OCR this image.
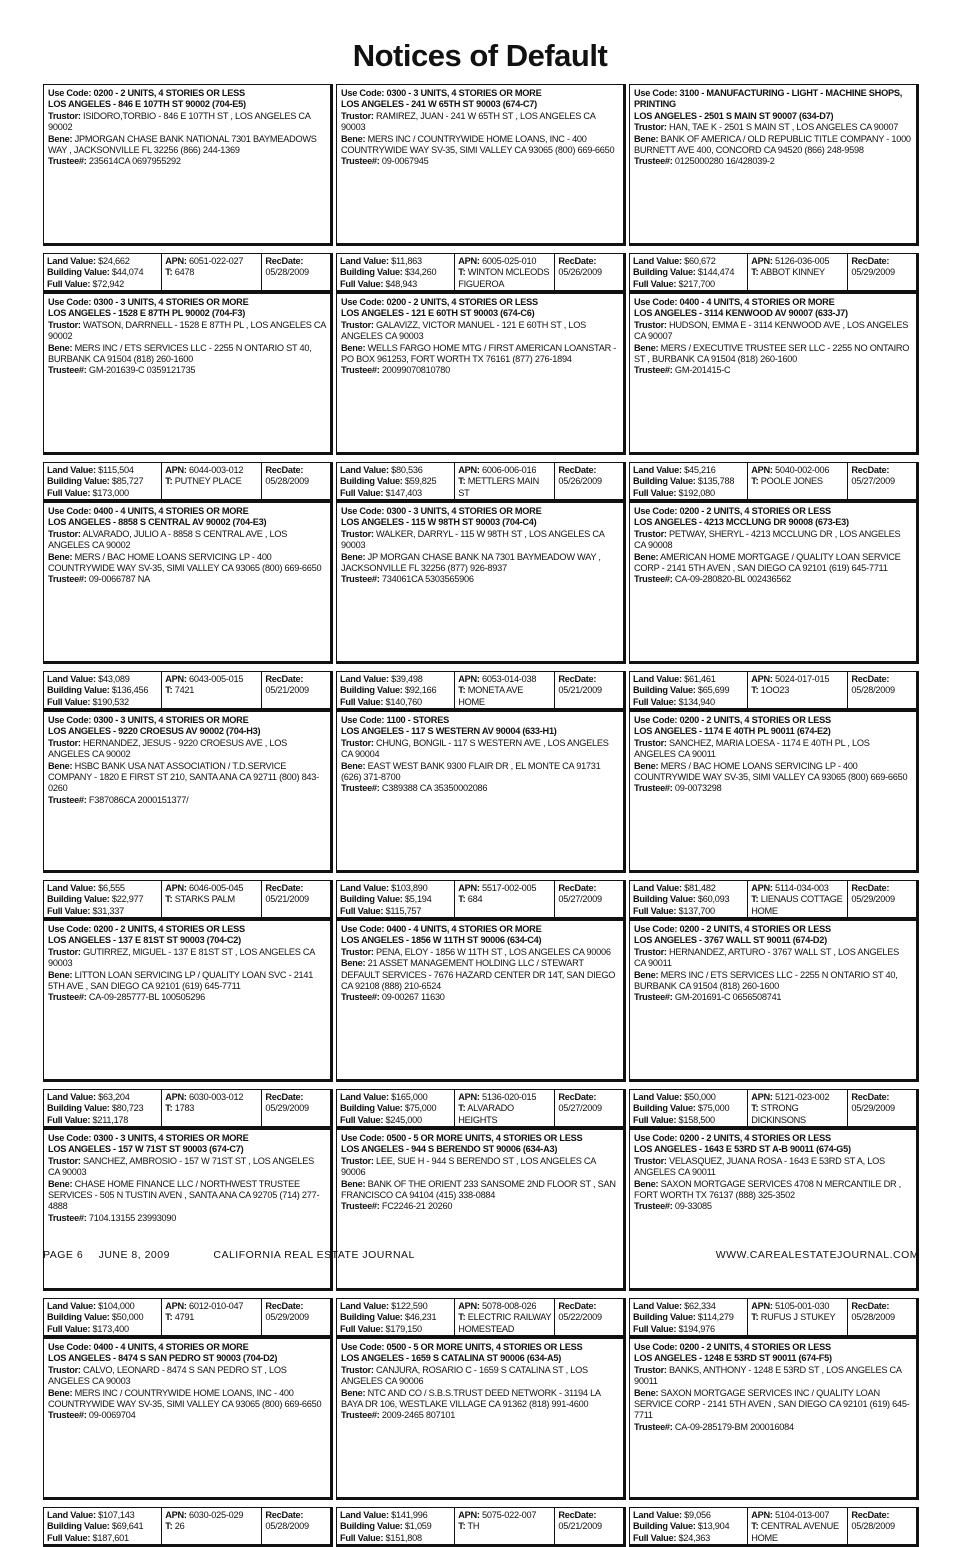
Notices of Default
Use Code: 0200 - 2 UNITS, 4 STORIES OR LESS
LOS ANGELES - 846 E 107TH ST 90002 (704-E5)
Trustor: ISIDORO,TORBIO - 846 E 107TH ST , LOS ANGELES CA 90002
Bene: JPMORGAN CHASE BANK NATIONAL 7301 BAYMEADOWS WAY , JACKSONVILLE FL 32256 (866) 244-1369
Trustee#: 235614CA 0697955292
Land Value: $24,662
Building Value: $44,074
Full Value: $72,942
APN: 6051-022-027
T: 6478
RecDate:
05/28/2009
Use Code: 0300 - 3 UNITS, 4 STORIES OR MORE
LOS ANGELES - 1528 E 87TH PL 90002 (704-F3)
Trustor: WATSON, DARRNELL - 1528 E 87TH PL , LOS ANGELES CA 90002
Bene: MERS INC / ETS SERVICES LLC - 2255 N ONTARIO ST 40, BURBANK CA 91504 (818) 260-1600
Trustee#: GM-201639-C 0359121735
Land Value: $115,504
Building Value: $85,727
Full Value: $173,000
APN: 6044-003-012
T: PUTNEY PLACE
RecDate:
05/28/2009
Use Code: 0400 - 4 UNITS, 4 STORIES OR MORE
LOS ANGELES - 8858 S CENTRAL AV 90002 (704-E3)
Trustor: ALVARADO, JULIO A - 8858 S CENTRAL AVE , LOS ANGELES CA 90002
Bene: MERS / BAC HOME LOANS SERVICING LP - 400 COUNTRYWIDE WAY SV-35, SIMI VALLEY CA 93065 (800) 669-6650
Trustee#: 09-0066787 NA
Land Value: $43,089
Building Value: $136,456
Full Value: $190,532
APN: 6043-005-015
T: 7421
RecDate:
05/21/2009
Use Code: 0300 - 3 UNITS, 4 STORIES OR MORE
LOS ANGELES - 9220 CROESUS AV 90002 (704-H3)
Trustor: HERNANDEZ, JESUS - 9220 CROESUS AVE , LOS ANGELES CA 90002
Bene: HSBC BANK USA NAT ASSOCIATION / T.D.SERVICE COMPANY - 1820 E FIRST ST 210, SANTA ANA CA 92711 (800) 843-0260
Trustee#: F387086CA 2000151377/
Land Value: $6,555
Building Value: $22,977
Full Value: $31,337
APN: 6046-005-045
T: STARKS PALM
RecDate:
05/21/2009
Use Code: 0200 - 2 UNITS, 4 STORIES OR LESS
LOS ANGELES - 137 E 81ST ST 90003 (704-C2)
Trustor: GUTIRREZ, MIGUEL - 137 E 81ST ST , LOS ANGELES CA 90003
Bene: LITTON LOAN SERVICING LP / QUALITY LOAN SVC - 2141 5TH AVE , SAN DIEGO CA 92101 (619) 645-7711
Trustee#: CA-09-285777-BL 100505296
Land Value: $63,204
Building Value: $80,723
Full Value: $211,178
APN: 6030-003-012
T: 1783
RecDate:
05/29/2009
Use Code: 0300 - 3 UNITS, 4 STORIES OR MORE
LOS ANGELES - 157 W 71ST ST 90003 (674-C7)
Trustor: SANCHEZ, AMBROSIO - 157 W 71ST ST , LOS ANGELES CA 90003
Bene: CHASE HOME FINANCE LLC / NORTHWEST TRUSTEE SERVICES - 505 N TUSTIN AVEN , SANTA ANA CA 92705 (714) 277-4888
Trustee#: 7104.13155 23993090
Land Value: $104,000
Building Value: $50,000
Full Value: $173,400
APN: 6012-010-047
T: 4791
RecDate:
05/29/2009
Use Code: 0400 - 4 UNITS, 4 STORIES OR MORE
LOS ANGELES - 8474 S SAN PEDRO ST 90003 (704-D2)
Trustor: CALVO, LEONARD - 8474 S SAN PEDRO ST , LOS ANGELES CA 90003
Bene: MERS INC / COUNTRYWIDE HOME LOANS, INC - 400 COUNTRYWIDE WAY SV-35, SIMI VALLEY CA 93065 (800) 669-6650
Trustee#: 09-0069704
Land Value: $107,143
Building Value: $69,641
Full Value: $187,601
APN: 6030-025-029
T: 26
RecDate:
05/28/2009
Use Code: 0300 - 3 UNITS, 4 STORIES OR MORE
LOS ANGELES - 241 W 65TH ST 90003 (674-C7)
Trustor: RAMIREZ, JUAN - 241 W 65TH ST , LOS ANGELES CA 90003
Bene: MERS INC / COUNTRYWIDE HOME LOANS, INC - 400 COUNTRYWIDE WAY SV-35, SIMI VALLEY CA 93065 (800) 669-6650
Trustee#: 09-0067945
Land Value: $11,863
Building Value: $34,260
Full Value: $48,943
APN: 6005-025-010
T: WINTON MCLEODS FIGUEROA
RecDate:
05/26/2009
Use Code: 0200 - 2 UNITS, 4 STORIES OR LESS
LOS ANGELES - 121 E 60TH ST 90003 (674-C6)
Trustor: GALAVIZZ, VICTOR MANUEL - 121 E 60TH ST , LOS ANGELES CA 90003
Bene: WELLS FARGO HOME MTG / FIRST AMERICAN LOANSTAR - PO BOX 961253, FORT WORTH TX 76161 (877) 276-1894
Trustee#: 20099070810780
Land Value: $80,536
Building Value: $59,825
Full Value: $147,403
APN: 6006-006-016
T: METTLERS MAIN ST
RecDate:
05/26/2009
Use Code: 0300 - 3 UNITS, 4 STORIES OR MORE
LOS ANGELES - 115 W 98TH ST 90003 (704-C4)
Trustor: WALKER, DARRYL - 115 W 98TH ST , LOS ANGELES CA 90003
Bene: JP MORGAN CHASE BANK NA 7301 BAYMEADOW WAY , JACKSONVILLE FL 32256 (877) 926-8937
Trustee#: 734061CA 5303565906
Land Value: $39,498
Building Value: $92,166
Full Value: $140,760
APN: 6053-014-038
T: MONETA AVE HOME
RecDate:
05/21/2009
Use Code: 1100 - STORES
LOS ANGELES - 117 S WESTERN AV 90004 (633-H1)
Trustor: CHUNG, BONGIL - 117 S WESTERN AVE , LOS ANGELES CA 90004
Bene: EAST WEST BANK 9300 FLAIR DR , EL MONTE CA 91731 (626) 371-8700
Trustee#: C389388 CA 35350002086
Land Value: $103,890
Building Value: $5,194
Full Value: $115,757
APN: 5517-002-005
T: 684
RecDate:
05/27/2009
Use Code: 0400 - 4 UNITS, 4 STORIES OR MORE
LOS ANGELES - 1856 W 11TH ST 90006 (634-C4)
Trustor: PENA, ELOY - 1856 W 11TH ST , LOS ANGELES CA 90006
Bene: 21 ASSET MANAGEMENT HOLDING LLC / STEWART DEFAULT SERVICES - 7676 HAZARD CENTER DR 14T, SAN DIEGO CA 92108 (888) 210-6524
Trustee#: 09-00267 11630
Land Value: $165,000
Building Value: $75,000
Full Value: $245,000
APN: 5136-020-015
T: ALVARADO HEIGHTS
RecDate:
05/27/2009
Use Code: 0500 - 5 OR MORE UNITS, 4 STORIES OR LESS
LOS ANGELES - 944 S BERENDO ST 90006 (634-A3)
Trustor: LEE, SUE H - 944 S BERENDO ST , LOS ANGELES CA 90006
Bene: BANK OF THE ORIENT 233 SANSOME 2ND FLOOR ST , SAN FRANCISCO CA 94104 (415) 338-0884
Trustee#: FC2246-21 20260
Land Value: $122,590
Building Value: $46,231
Full Value: $179,150
APN: 5078-008-026
T: ELECTRIC RAILWAY HOMESTEAD
RecDate:
05/22/2009
Use Code: 0500 - 5 OR MORE UNITS, 4 STORIES OR LESS
LOS ANGELES - 1659 S CATALINA ST 90006 (634-A5)
Trustor: CANJURA, ROSARIO C - 1659 S CATALINA ST , LOS ANGELES CA 90006
Bene: NTC AND CO / S.B.S.TRUST DEED NETWORK - 31194 LA BAYA DR 106, WESTLAKE VILLAGE CA 91362 (818) 991-4600
Trustee#: 2009-2465 807101
Land Value: $141,996
Building Value: $1,059
Full Value: $151,808
APN: 5075-022-007
T: TH
RecDate:
05/21/2009
Use Code: 3100 - MANUFACTURING - LIGHT - MACHINE SHOPS, PRINTING
LOS ANGELES - 2501 S MAIN ST 90007 (634-D7)
Trustor: HAN, TAE K - 2501 S MAIN ST , LOS ANGELES CA 90007
Bene: BANK OF AMERICA / OLD REPUBLIC TITLE COMPANY - 1000 BURNETT AVE 400, CONCORD CA 94520 (866) 248-9598
Trustee#: 0125000280 16/428039-2
Land Value: $60,672
Building Value: $144,474
Full Value: $217,700
APN: 5126-036-005
T: ABBOT KINNEY
RecDate:
05/29/2009
Use Code: 0400 - 4 UNITS, 4 STORIES OR MORE
LOS ANGELES - 3114 KENWOOD AV 90007 (633-J7)
Trustor: HUDSON, EMMA E - 3114 KENWOOD AVE , LOS ANGELES CA 90007
Bene: MERS / EXECUTIVE TRUSTEE SER LLC - 2255 NO ONTAIRO ST , BURBANK CA 91504 (818) 260-1600
Trustee#: GM-201415-C
Land Value: $45,216
Building Value: $135,788
Full Value: $192,080
APN: 5040-002-006
T: POOLE JONES
RecDate:
05/27/2009
Use Code: 0200 - 2 UNITS, 4 STORIES OR LESS
LOS ANGELES - 4213 MCCLUNG DR 90008 (673-E3)
Trustor: PETWAY, SHERYL - 4213 MCCLUNG DR , LOS ANGELES CA 90008
Bene: AMERICAN HOME MORTGAGE / QUALITY LOAN SERVICE CORP - 2141 5TH AVEN , SAN DIEGO CA 92101 (619) 645-7711
Trustee#: CA-09-280820-BL 002436562
Land Value: $61,461
Building Value: $65,699
Full Value: $134,940
APN: 5024-017-015
T: 1OO23
RecDate:
05/28/2009
Use Code: 0200 - 2 UNITS, 4 STORIES OR LESS
LOS ANGELES - 1174 E 40TH PL 90011 (674-E2)
Trustor: SANCHEZ, MARIA LOESA - 1174 E 40TH PL , LOS ANGELES CA 90011
Bene: MERS / BAC HOME LOANS SERVICING LP - 400 COUNTRYWIDE WAY SV-35, SIMI VALLEY CA 93065 (800) 669-6650
Trustee#: 09-0073298
Land Value: $81,482
Building Value: $60,093
Full Value: $137,700
APN: 5114-034-003
T: LIENAUS COTTAGE HOME
RecDate:
05/29/2009
Use Code: 0200 - 2 UNITS, 4 STORIES OR LESS
LOS ANGELES - 3767 WALL ST 90011 (674-D2)
Trustor: HERNANDEZ, ARTURO - 3767 WALL ST , LOS ANGELES CA 90011
Bene: MERS INC / ETS SERVICES LLC - 2255 N ONTARIO ST 40, BURBANK CA 91504 (818) 260-1600
Trustee#: GM-201691-C 0656508741
Land Value: $50,000
Building Value: $75,000
Full Value: $158,500
APN: 5121-023-002
T: STRONG DICKINSONS
RecDate:
05/29/2009
Use Code: 0200 - 2 UNITS, 4 STORIES OR LESS
LOS ANGELES - 1643 E 53RD ST A-B 90011 (674-G5)
Trustor: VELASQUEZ, JUANA ROSA - 1643 E 53RD ST A, LOS ANGELES CA 90011
Bene: SAXON MORTGAGE SERVICES 4708 N MERCANTILE DR , FORT WORTH TX 76137 (888) 325-3502
Trustee#: 09-33085
Land Value: $62,334
Building Value: $114,279
Full Value: $194,976
APN: 5105-001-030
T: RUFUS J STUKEY
RecDate:
05/28/2009
Use Code: 0200 - 2 UNITS, 4 STORIES OR LESS
LOS ANGELES - 1248 E 53RD ST 90011 (674-F5)
Trustor: BANKS, ANTHONY - 1248 E 53RD ST , LOS ANGELES CA 90011
Bene: SAXON MORTGAGE SERVICES INC / QUALITY LOAN SERVICE CORP - 2141 5TH AVEN , SAN DIEGO CA 92101 (619) 645-7711
Trustee#: CA-09-285179-BM 200016084
Land Value: $9,056
Building Value: $13,904
Full Value: $24,363
APN: 5104-013-007
T: CENTRAL AVENUE HOME
RecDate:
05/28/2009
PAGE 6 JUNE 8, 2009	CALIFORNIA REAL ESTATE JOURNAL	WWW.CAREALESTATEJOURNAL.COM
